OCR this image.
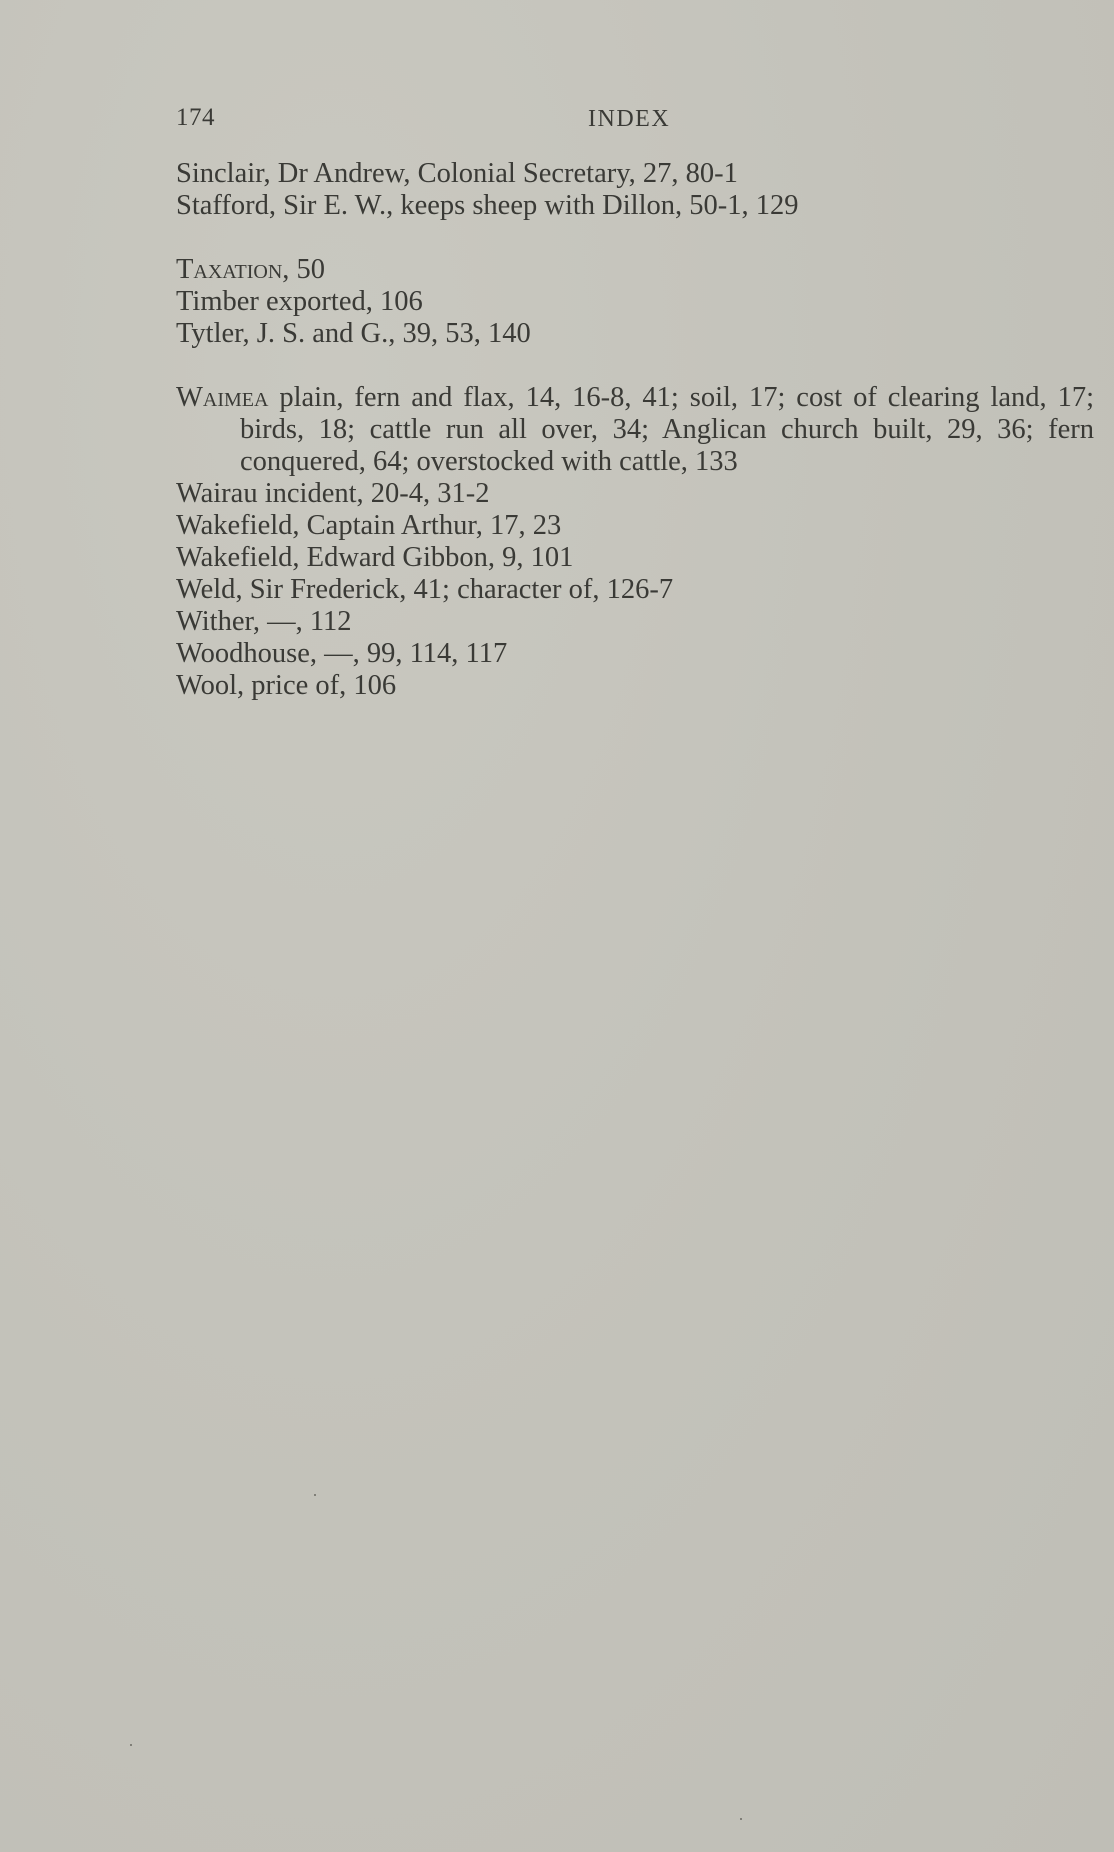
174	INDEX

Sinclair, Dr Andrew, Colonial Secretary, 27, 80-1

Stafford, Sir E. W., keeps sheep with Dillon, 50-1, 129

Taxation, 50

Timber exported, 106

Tytler, J. S. and G., 39, 53, 140

Waimea plain, fern and flax, 14, 16-8, 41; soil, 17; cost of clearing land, 17; birds, 18; cattle run all over, 34; Anglican church built, 29, 36; fern conquered, 64; overstocked with cattle, 133

Wairau incident, 20-4, 31-2

Wakefield, Captain Arthur, 17, 23

Wakefield, Edward Gibbon, 9, 101

Weld, Sir Frederick, 41; character of, 126-7

Wither, —, 112

Woodhouse, —, 99, 114, 117

Wool, price of, 106
